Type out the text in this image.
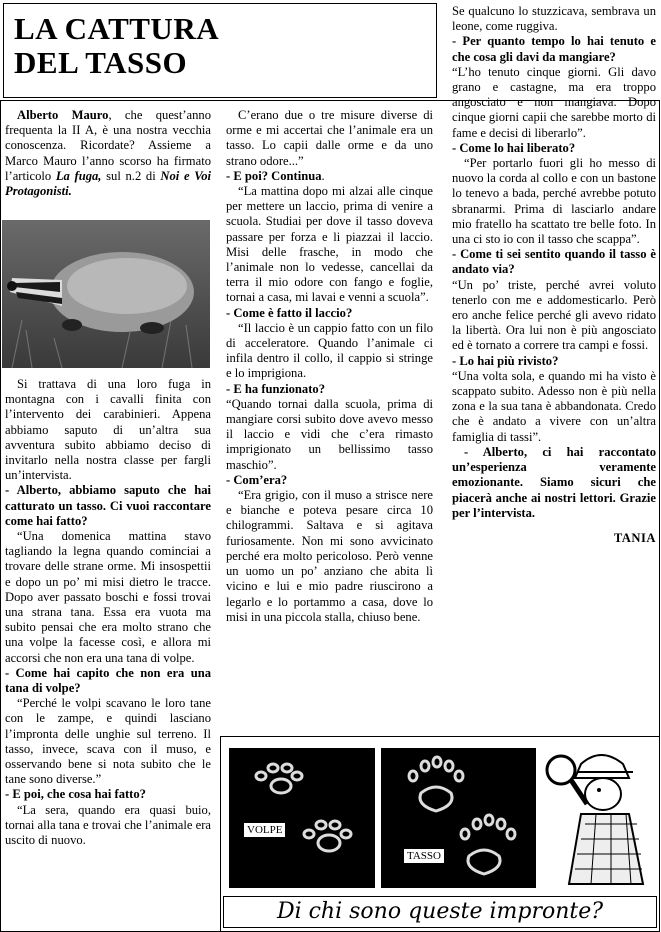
LA CATTURA
DEL TASSO

Alberto Mauro, che quest’anno frequenta la II A, è una nostra vecchia conoscenza. Ricordate? Assieme a Marco Mauro l’anno scorso ha firmato l’articolo La fuga, sul n.2 di Noi e Voi Protagonisti.

Si trattava di una loro fuga in montagna con i cavalli finita con l’intervento dei carabinieri. Appena abbiamo saputo di un’altra sua avventura subito abbiamo deciso di invitarlo nella nostra classe per fargli un’intervista.

- Alberto, abbiamo saputo che hai catturato un tasso. Ci vuoi raccontare come hai fatto?

“Una domenica mattina stavo tagliando la legna quando cominciai a trovare delle strane orme. Mi insospettii e dopo un po’ mi misi dietro le tracce. Dopo aver passato boschi e fossi trovai una strana tana. Essa era vuota ma subito pensai che era molto strano che una volpe la facesse così, e allora mi accorsi che non era una tana di volpe.

- Come hai capito che non era una tana di volpe?

“Perché le volpi scavano le loro tane con le zampe, e quindi lasciano l’impronta delle unghie sul terreno. Il tasso, invece, scava con il muso, e osservando bene si nota subito che le tane sono diverse.”

- E poi, che cosa hai fatto?

“La sera, quando era quasi buio, tornai alla tana e trovai che l’animale era uscito di nuovo.

C’erano due o tre misure diverse di orme e mi accertai che l’animale era un tasso. Lo capii dalle orme e da uno strano odore...”

- E poi? Continua.

“La mattina dopo mi alzai alle cinque per mettere un laccio, prima di venire a scuola. Studiai per dove il tasso doveva passare per forza e li piazzai il laccio. Misi delle frasche, in modo che l’animale non lo vedesse, cancellai da terra il mio odore con fango e foglie, tornai a casa, mi lavai e venni a scuola”.

- Come è fatto il laccio?

“Il laccio è un cappio fatto con un filo di acceleratore. Quando l’animale ci infila dentro il collo, il cappio si stringe e lo imprigiona.

- E ha funzionato?

“Quando tornai dalla scuola, prima di mangiare corsi subito dove avevo messo il laccio e vidi che c’era rimasto imprigionato un bellissimo tasso maschio”.

- Com’era?

“Era grigio, con il muso a strisce nere e bianche e poteva pesare circa 10 chilogrammi. Saltava e si agitava furiosamente. Non mi sono avvicinato perché era molto pericoloso. Però venne un uomo un po’ anziano che abita lì vicino e lui e mio padre riuscirono a legarlo e lo portammo a casa, dove lo misi in una piccola stalla, chiuso bene.

Se qualcuno lo stuzzicava, sembrava un leone, come ruggiva.

- Per quanto tempo lo hai tenuto e che cosa gli davi da mangiare?

“L’ho tenuto cinque giorni. Gli davo grano e castagne, ma era troppo angosciato e non mangiava. Dopo cinque giorni capii che sarebbe morto di fame e decisi di liberarlo”.

- Come lo hai liberato?

“Per portarlo fuori gli ho messo di nuovo la corda al collo e con un bastone lo tenevo a bada, perché avrebbe potuto sbranarmi. Prima di lasciarlo andare mio fratello ha scattato tre belle foto. In una ci sto io con il tasso che scappa”.

- Come ti sei sentito quando il tasso è andato via?

“Un po’ triste, perché avrei voluto tenerlo con me e addomesticarlo. Però ero anche felice perché gli avevo ridato la libertà. Ora lui non è più angosciato ed è tornato a correre tra campi e fossi.

- Lo hai più rivisto?

“Una volta sola, e quando mi ha visto è scappato subito. Adesso non è più nella zona e la sua tana è abbandonata. Credo che è andato a vivere con un’altra famiglia di tassi”.

- Alberto, ci hai raccontato un’esperienza veramente emozionante. Siamo sicuri che piacerà anche ai nostri lettori. Grazie per l’intervista.

TANIA

VOLPE
TASSO
Di chi sono queste impronte?
